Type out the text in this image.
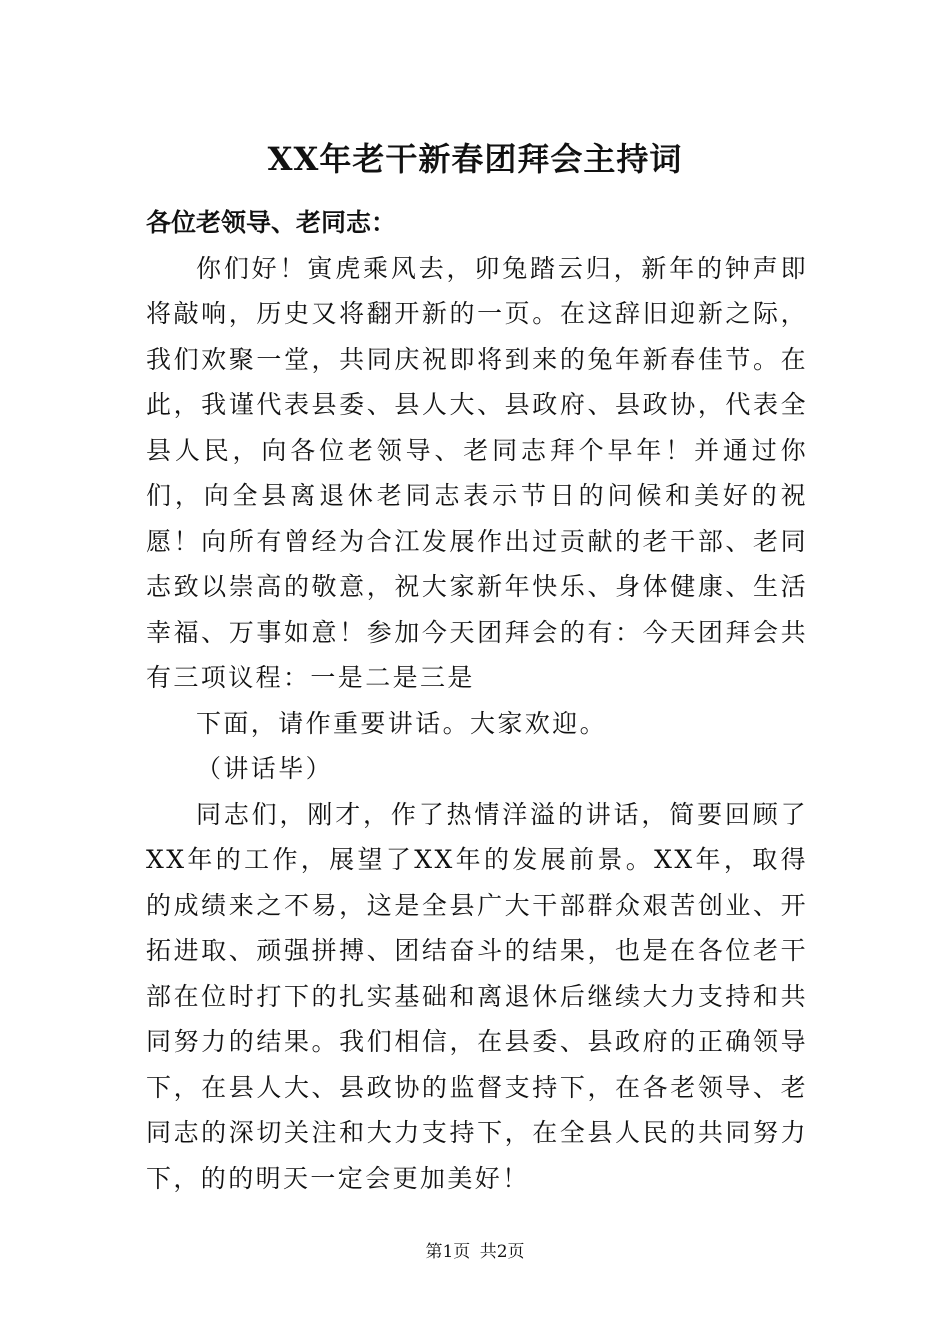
XX年老干新春团拜会主持词

各位老领导、老同志：

你们好！寅虎乘风去，卯兔踏云归，新年的钟声即将敲响，历史又将翻开新的一页。在这辞旧迎新之际，我们欢聚一堂，共同庆祝即将到来的兔年新春佳节。在此，我谨代表县委、县人大、县政府、县政协，代表全县人民，向各位老领导、老同志拜个早年！并通过你们，向全县离退休老同志表示节日的问候和美好的祝愿！向所有曾经为合江发展作出过贡献的老干部、老同志致以崇高的敬意，祝大家新年快乐、身体健康、生活幸福、万事如意！参加今天团拜会的有：今天团拜会共有三项议程：一是二是三是

下面，请作重要讲话。大家欢迎。

（讲话毕）

同志们，刚才，作了热情洋溢的讲话，简要回顾了XX年的工作，展望了XX年的发展前景。XX年，取得的成绩来之不易，这是全县广大干部群众艰苦创业、开拓进取、顽强拼搏、团结奋斗的结果，也是在各位老干部在位时打下的扎实基础和离退休后继续大力支持和共同努力的结果。我们相信，在县委、县政府的正确领导下，在县人大、县政协的监督支持下，在各老领导、老同志的深切关注和大力支持下，在全县人民的共同努力下，的的明天一定会更加美好！

第1页 共2页
